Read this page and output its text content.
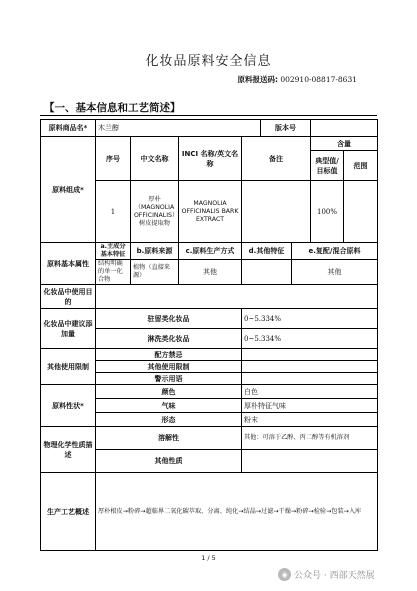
化妆品原料安全信息
原料报送码: 002910-08817-8631
【一、基本信息和工艺简述】
原料商品名*	木兰醇				版本号			
原料组成*	序号	中文名称	INCI 名称/英文名称	备注			含量	
							典型值/目标值	范围
	1	厚朴（MAGNOLIA OFFICINALIS）树皮提取物	MAGNOLIA OFFICINALIS BARK EXTRACT				100%	
原料基本属性	a.主成分基本特征	b.原料来源	c.原料生产方式	d.其他特征		e.复配/混合原料		
	结构明确的单一化合物	植物（直接来源）	其他			其他		
化妆品中使用目的								
化妆品中建议添加量	驻留类化妆品			0~5.334%				
	淋洗类化妆品			0~5.334%				
其他使用限制	配方禁忌							
	其他使用限制							
	警示用语							
原料性状*	颜色			白色				
	气味			厚朴特征气味				
	形态			粉末				
物理化学性质描述	溶解性			其他：可溶于乙醇、丙二醇等有机溶剂				
	其他性质							
生产工艺概述	厚朴根皮→粉碎→超临界二氧化碳萃取、分离、纯化→结晶→过滤→干燥→粉碎→检验→包装→入库							
1 / 5
◉ 公众号 · 西部天然展
